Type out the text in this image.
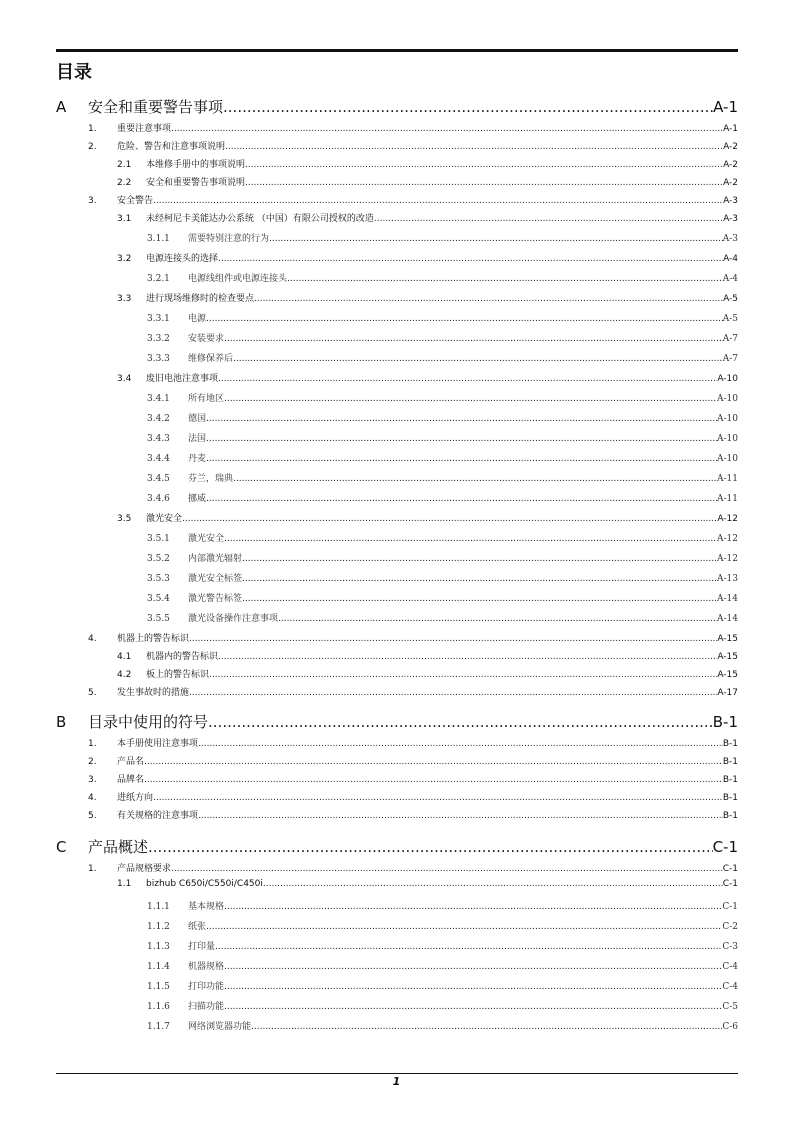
目录
A 安全和重要警告事项 .....	A-1
1. 重要注意事项 .....	A-1
2. 危险、警告和注意事项说明 .....	A-2
2.1 本维修手册中的事项说明 .....	A-2
2.2 安全和重要警告事项说明 .....	A-2
3. 安全警告 .....	A-3
3.1 未经柯尼卡美能达办公系统 （中国）有限公司授权的改造 .....	A-3
3.1.1 需要特别注意的行为 .....	A-3
3.2 电源连接头的选择 .....	A-4
3.2.1 电源线组件或电源连接头 .....	A-4
3.3 进行现场维修时的检查要点 .....	A-5
3.3.1 电源 .....	A-5
3.3.2 安装要求 .....	A-7
3.3.3 维修保养后 .....	A-7
3.4 废旧电池注意事项 .....	A-10
3.4.1 所有地区 .....	A-10
3.4.2 德国 .....	A-10
3.4.3 法国 .....	A-10
3.4.4 丹麦 .....	A-10
3.4.5 芬兰，瑞典 .....	A-11
3.4.6 挪威 .....	A-11
3.5 激光安全 .....	A-12
3.5.1 激光安全 .....	A-12
3.5.2 内部激光辐射 .....	A-12
3.5.3 激光安全标签 .....	A-13
3.5.4 激光警告标签 .....	A-14
3.5.5 激光设备操作注意事项 .....	A-14
4. 机器上的警告标识 .....	A-15
4.1 机器内的警告标识 .....	A-15
4.2 板上的警告标识 .....	A-15
5. 发生事故时的措施 .....	A-17
B 目录中使用的符号 .....	B-1
1. 本手册使用注意事项 .....	B-1
2. 产品名 .....	B-1
3. 品牌名 .....	B-1
4. 进纸方向 .....	B-1
5. 有关规格的注意事项 .....	B-1
C 产品概述 .....	C-1
1. 产品规格要求 .....	C-1
1.1 bizhub C650i/C550i/C450i .....	C-1
1.1.1 基本规格 .....	C-1
1.1.2 纸张 .....	C-2
1.1.3 打印量 .....	C-3
1.1.4 机器规格 .....	C-4
1.1.5 打印功能 .....	C-4
1.1.6 扫描功能 .....	C-5
1.1.7 网络浏览器功能 .....	C-6
1
